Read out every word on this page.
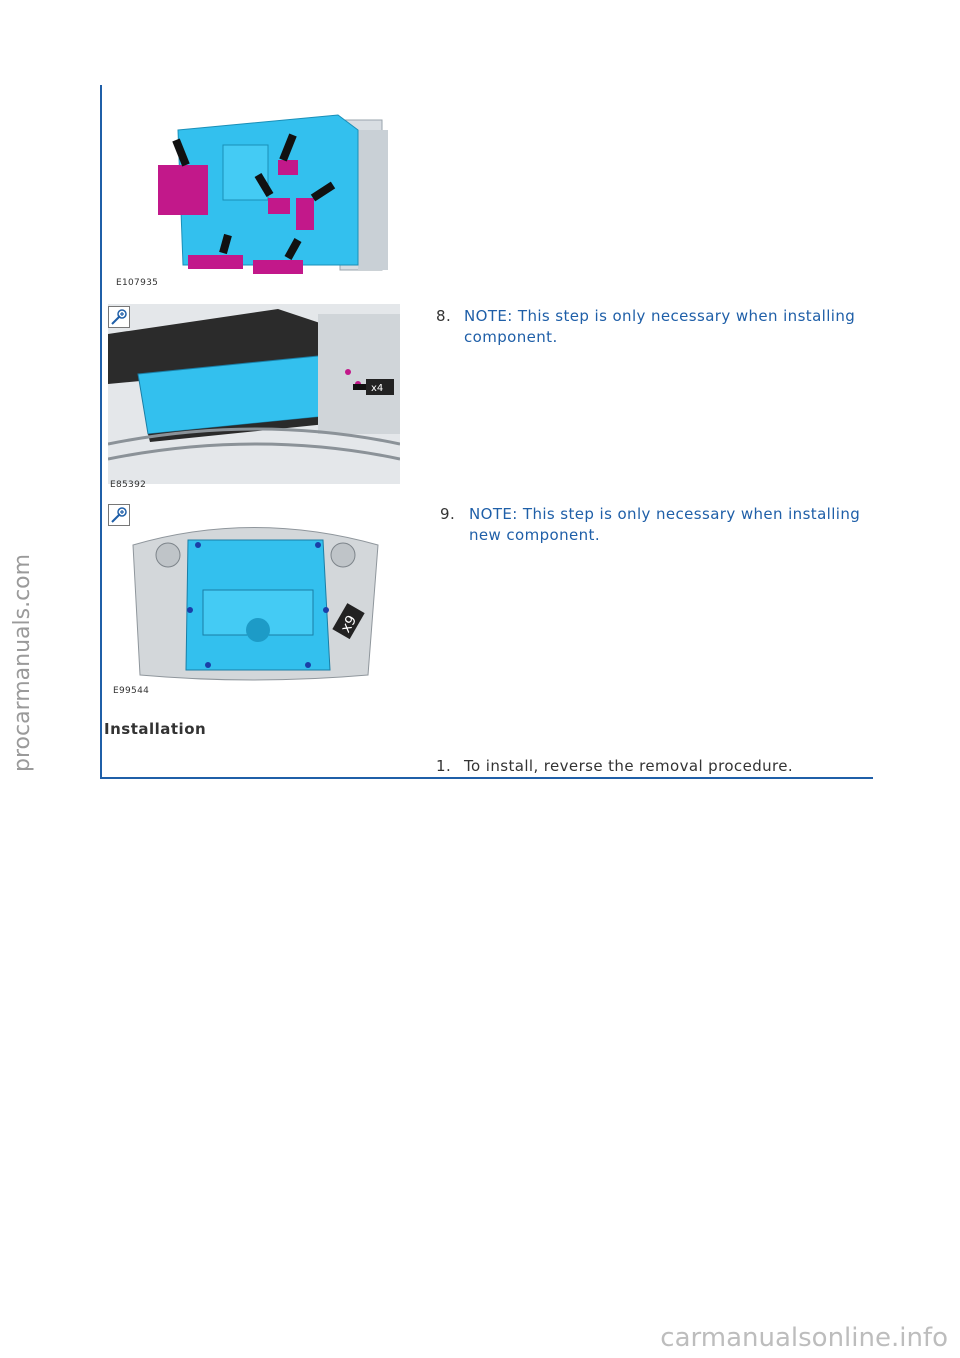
E107935
x4
E85392
8. NOTE: This step is only necessary when installing
component.
x9
E99544
9. NOTE: This step is only necessary when installing
new component.
Installation
1. To install, reverse the removal procedure.
procarmanuals.com
carmanualsonline.info
